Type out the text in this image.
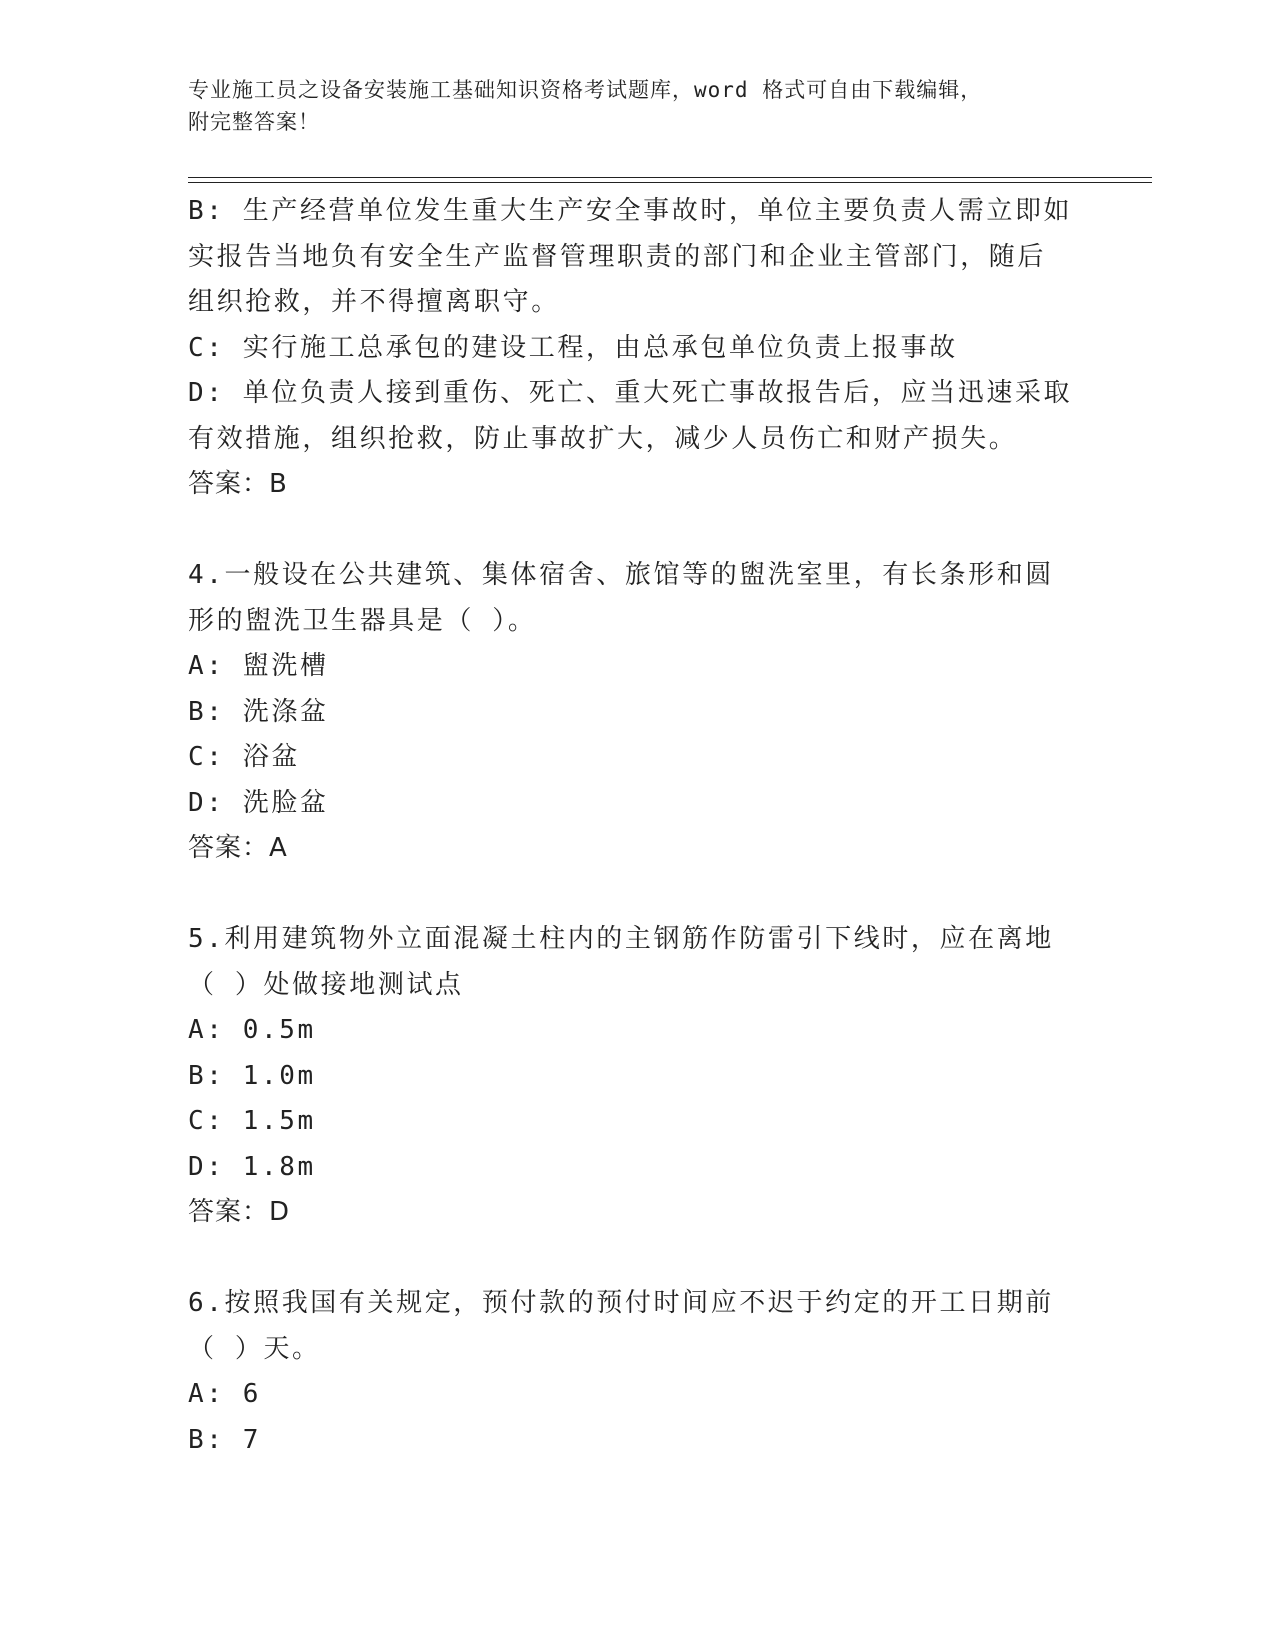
专业施工员之设备安装施工基础知识资格考试题库，word 格式可自由下载编辑，
附完整答案！
B: 生产经营单位发生重大生产安全事故时，单位主要负责人需立即如
实报告当地负有安全生产监督管理职责的部门和企业主管部门，随后
组织抢救，并不得擅离职守。
C: 实行施工总承包的建设工程，由总承包单位负责上报事故
D: 单位负责人接到重伤、死亡、重大死亡事故报告后，应当迅速采取
有效措施，组织抢救，防止事故扩大，减少人员伤亡和财产损失。
答案：B
4.一般设在公共建筑、集体宿舍、旅馆等的盥洗室里，有长条形和圆
形的盥洗卫生器具是（ ）。
A: 盥洗槽
B: 洗涤盆
C: 浴盆
D: 洗脸盆
答案：A
5.利用建筑物外立面混凝土柱内的主钢筋作防雷引下线时，应在离地
（ ）处做接地测试点
A: 0.5m
B: 1.0m
C: 1.5m
D: 1.8m
答案：D
6.按照我国有关规定，预付款的预付时间应不迟于约定的开工日期前
（ ）天。
A: 6
B: 7
